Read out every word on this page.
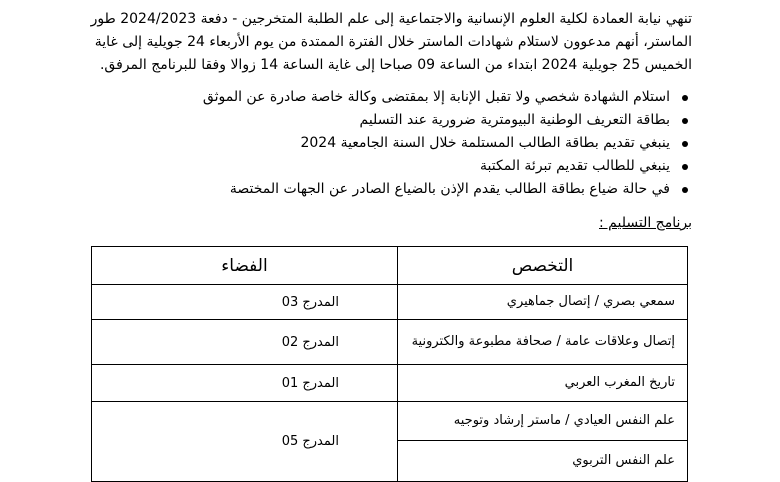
تنهي نيابة العمادة لكلية العلوم الإنسانية والاجتماعية إلى علم الطلبة المتخرجين - دفعة 2024/2023 طور
الماستر، أنهم مدعوون لاستلام شهادات الماستر خلال الفترة الممتدة من يوم الأربعاء 24 جويلية إلى غاية
الخميس 25 جويلية 2024 ابتداء من الساعة 09 صباحا إلى غاية الساعة 14 زوالا وفقا للبرنامج المرفق.
استلام الشهادة شخصي ولا تقبل الإنابة إلا بمقتضى وكالة خاصة صادرة عن الموثق
بطاقة التعريف الوطنية البيومترية ضرورية عند التسليم
ينبغي تقديم بطاقة الطالب المستلمة خلال السنة الجامعية 2024
ينبغي للطالب تقديم تبرئة المكتبة
في حالة ضياع بطاقة الطالب يقدم الإذن بالضياع الصادر عن الجهات المختصة
برنامج التسليم :
التخصص	الفضاء

سمعي بصري / إتصال جماهيري	المدرج 03

إتصال وعلاقات عامة / صحافة مطبوعة والكترونية	المدرج 02

تاريخ المغرب العربي	المدرج 01

علم النفس العيادي / ماستر إرشاد وتوجيه	المدرج 05

علم النفس التربوي	
